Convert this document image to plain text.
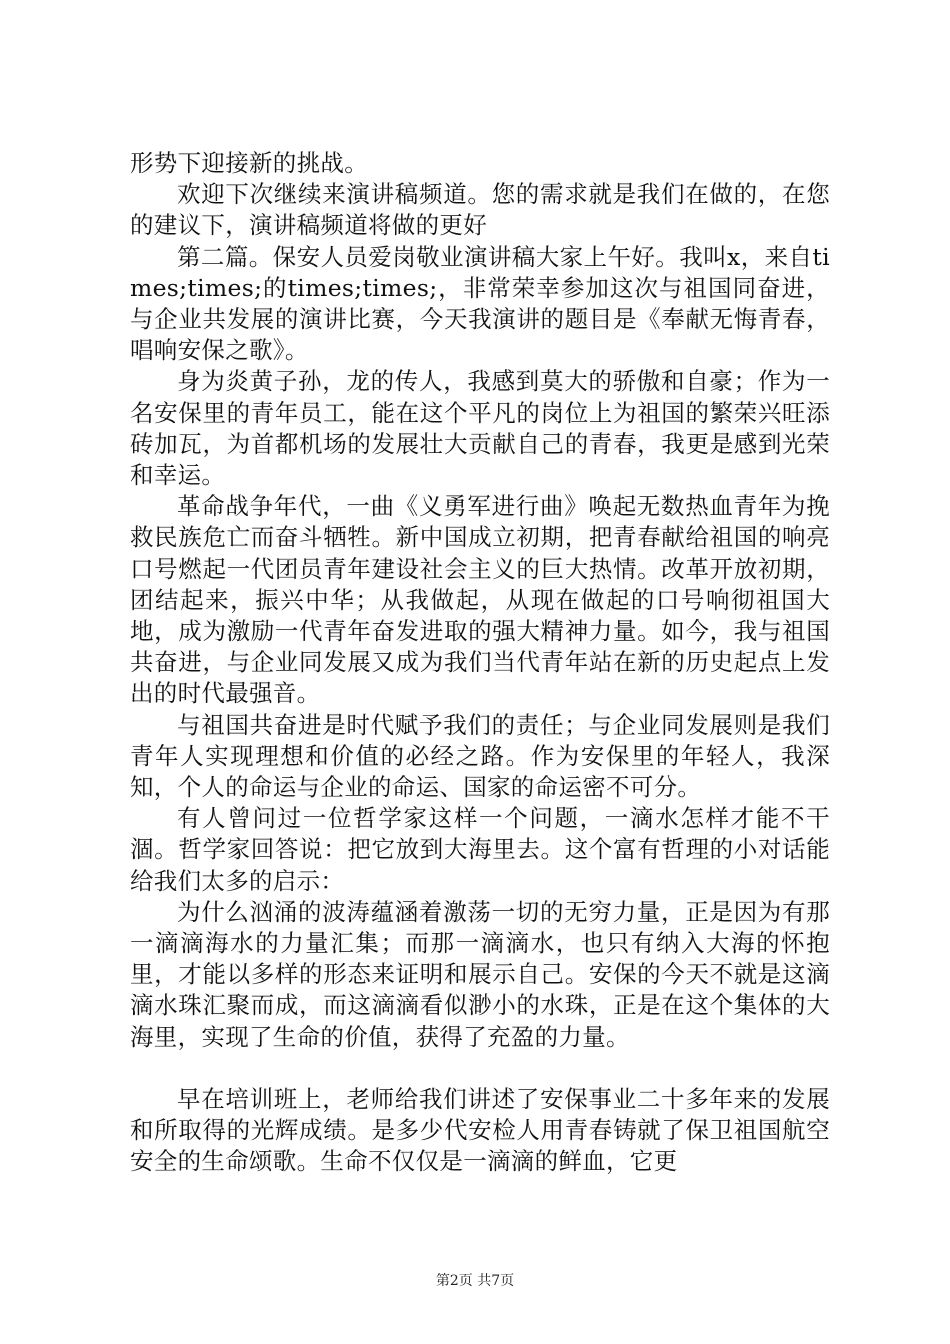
形势下迎接新的挑战。

欢迎下次继续来演讲稿频道。您的需求就是我们在做的，在您的建议下，演讲稿频道将做的更好

第二篇。保安人员爱岗敬业演讲稿大家上午好。我叫x，来自times;times;的times;times;，非常荣幸参加这次与祖国同奋进，与企业共发展的演讲比赛，今天我演讲的题目是《奉献无悔青春，唱响安保之歌》。

身为炎黄子孙，龙的传人，我感到莫大的骄傲和自豪；作为一名安保里的青年员工，能在这个平凡的岗位上为祖国的繁荣兴旺添砖加瓦，为首都机场的发展壮大贡献自己的青春，我更是感到光荣和幸运。

革命战争年代，一曲《义勇军进行曲》唤起无数热血青年为挽救民族危亡而奋斗牺牲。新中国成立初期，把青春献给祖国的响亮口号燃起一代团员青年建设社会主义的巨大热情。改革开放初期，团结起来，振兴中华；从我做起，从现在做起的口号响彻祖国大地，成为激励一代青年奋发进取的强大精神力量。如今，我与祖国共奋进，与企业同发展又成为我们当代青年站在新的历史起点上发出的时代最强音。

与祖国共奋进是时代赋予我们的责任；与企业同发展则是我们青年人实现理想和价值的必经之路。作为安保里的年轻人，我深知，个人的命运与企业的命运、国家的命运密不可分。

有人曾问过一位哲学家这样一个问题，一滴水怎样才能不干涸。哲学家回答说：把它放到大海里去。这个富有哲理的小对话能给我们太多的启示：

为什么汹涌的波涛蕴涵着激荡一切的无穷力量，正是因为有那一滴滴海水的力量汇集；而那一滴滴水，也只有纳入大海的怀抱里，才能以多样的形态来证明和展示自己。安保的今天不就是这滴滴水珠汇聚而成，而这滴滴看似渺小的水珠，正是在这个集体的大海里，实现了生命的价值，获得了充盈的力量。

早在培训班上，老师给我们讲述了安保事业二十多年来的发展和所取得的光辉成绩。是多少代安检人用青春铸就了保卫祖国航空安全的生命颂歌。生命不仅仅是一滴滴的鲜血，它更

第2页 共7页
